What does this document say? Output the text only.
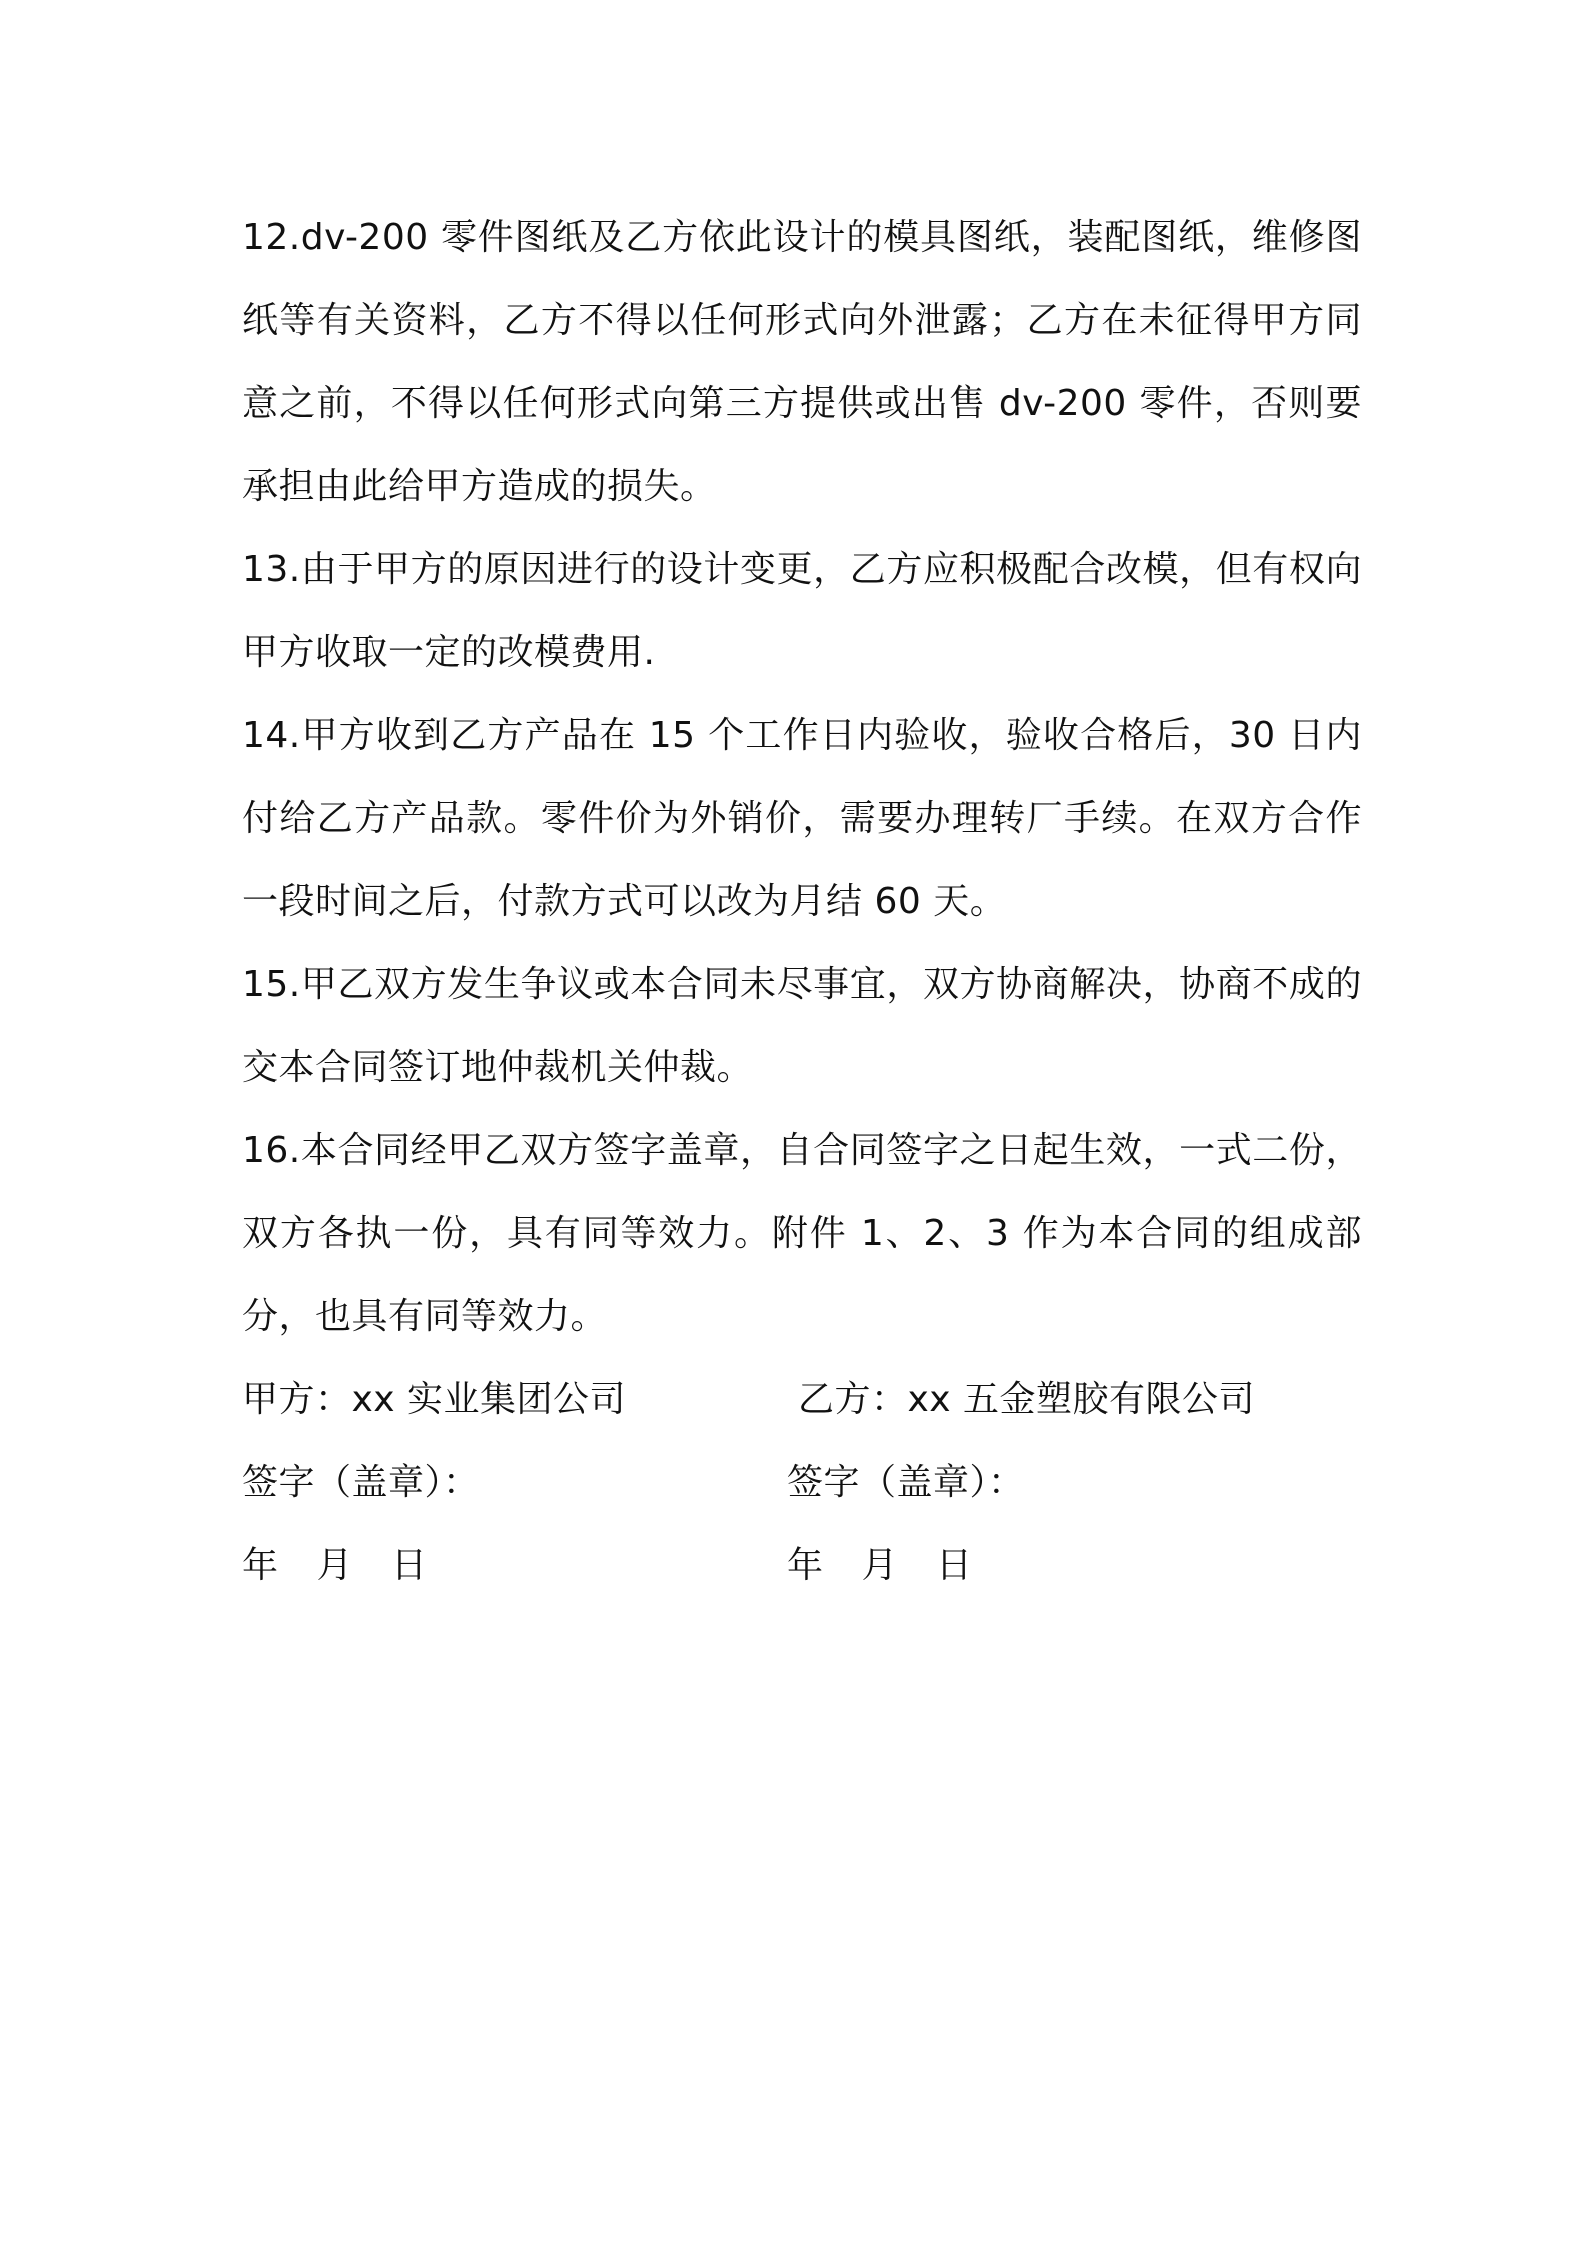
12.dv-200 零件图纸及乙方依此设计的模具图纸，装配图纸，维修图纸等有关资料，乙方不得以任何形式向外泄露；乙方在未征得甲方同意之前，不得以任何形式向第三方提供或出售 dv-200 零件，否则要承担由此给甲方造成的损失。

13.由于甲方的原因进行的设计变更，乙方应积极配合改模，但有权向甲方收取一定的改模费用.

14.甲方收到乙方产品在 15 个工作日内验收，验收合格后，30 日内付给乙方产品款。零件价为外销价，需要办理转厂手续。在双方合作一段时间之后，付款方式可以改为月结 60 天。

15.甲乙双方发生争议或本合同未尽事宜，双方协商解决，协商不成的交本合同签订地仲裁机关仲裁。

16.本合同经甲乙双方签字盖章，自合同签字之日起生效，一式二份，双方各执一份，具有同等效力。附件 1、2、3 作为本合同的组成部分，也具有同等效力。

甲方：xx 实业集团公司	乙方：xx 五金塑胶有限公司
签字（盖章）：	签字（盖章）：
年 月 日	年 月 日
